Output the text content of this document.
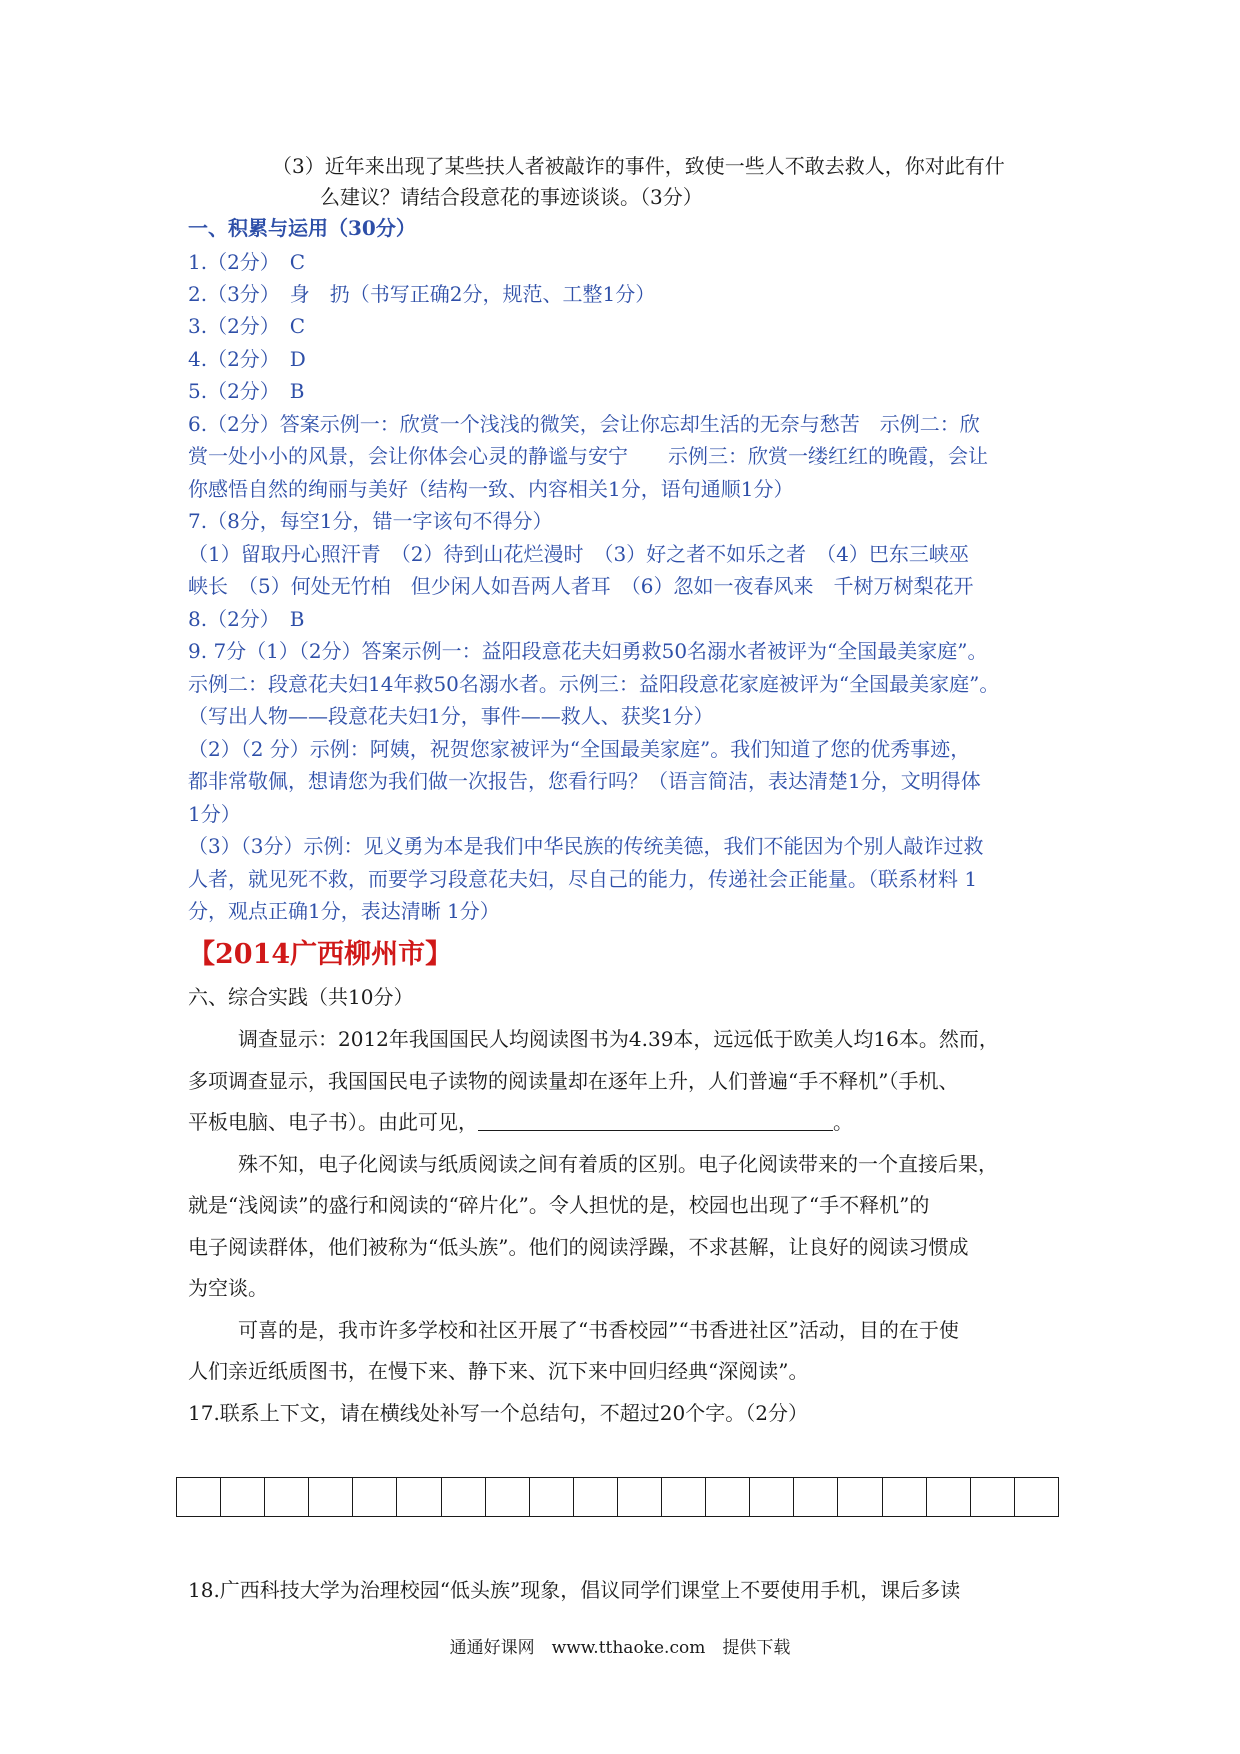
（3）近年来出现了某些扶人者被敲诈的事件，致使一些人不敢去救人，你对此有什
么建议？请结合段意花的事迹谈谈。（3分）
一、积累与运用（30分）
1.（2分）　C
2.（3分）　身　扔（书写正确2分，规范、工整1分）
3.（2分）　C
4.（2分）　D
5.（2分）　B
6.（2分）答案示例一：欣赏一个浅浅的微笑，会让你忘却生活的无奈与愁苦　示例二：欣
赏一处小小的风景，会让你体会心灵的静谧与安宁　　示例三：欣赏一缕红红的晚霞，会让
你感悟自然的绚丽与美好（结构一致、内容相关1分，语句通顺1分）
7.（8分，每空1分，错一字该句不得分）
（1）留取丹心照汗青　（2）待到山花烂漫时　（3）好之者不如乐之者　（4）巴东三峡巫
峡长　（5）何处无竹柏　但少闲人如吾两人者耳　（6）忽如一夜春风来　千树万树梨花开
8.（2分）　B
9. 7分（1）（2分）答案示例一：益阳段意花夫妇勇救50名溺水者被评为“全国最美家庭”。
示例二：段意花夫妇14年救50名溺水者。示例三：益阳段意花家庭被评为“全国最美家庭”。
（写出人物——段意花夫妇1分，事件——救人、获奖1分）
（2）（2 分）示例：阿姨，祝贺您家被评为“全国最美家庭”。我们知道了您的优秀事迹，
都非常敬佩，想请您为我们做一次报告，您看行吗？（语言简洁，表达清楚1分，文明得体
1分）
（3）（3分）示例：见义勇为本是我们中华民族的传统美德，我们不能因为个别人敲诈过救
人者，就见死不救，而要学习段意花夫妇，尽自己的能力，传递社会正能量。（联系材料 1
分，观点正确1分，表达清晰 1分）
【2014广西柳州市】
六、综合实践（共10分）
调查显示：2012年我国国民人均阅读图书为4.39本，远远低于欧美人均16本。然而，
多项调查显示，我国国民电子读物的阅读量却在逐年上升，人们普遍“手不释机”（手机、
平板电脑、电子书）。由此可见，	。
殊不知，电子化阅读与纸质阅读之间有着质的区别。电子化阅读带来的一个直接后果，
就是“浅阅读”的盛行和阅读的“碎片化”。令人担忧的是，校园也出现了“手不释机”的
电子阅读群体，他们被称为“低头族”。他们的阅读浮躁，不求甚解，让良好的阅读习惯成
为空谈。
可喜的是，我市许多学校和社区开展了“书香校园”“书香进社区”活动，目的在于使
人们亲近纸质图书，在慢下来、静下来、沉下来中回归经典“深阅读”。
17.联系上下文，请在横线处补写一个总结句，不超过20个字。（2分）
18.广西科技大学为治理校园“低头族”现象，倡议同学们课堂上不要使用手机，课后多读
通通好课网　www.tthaoke.com　提供下载
